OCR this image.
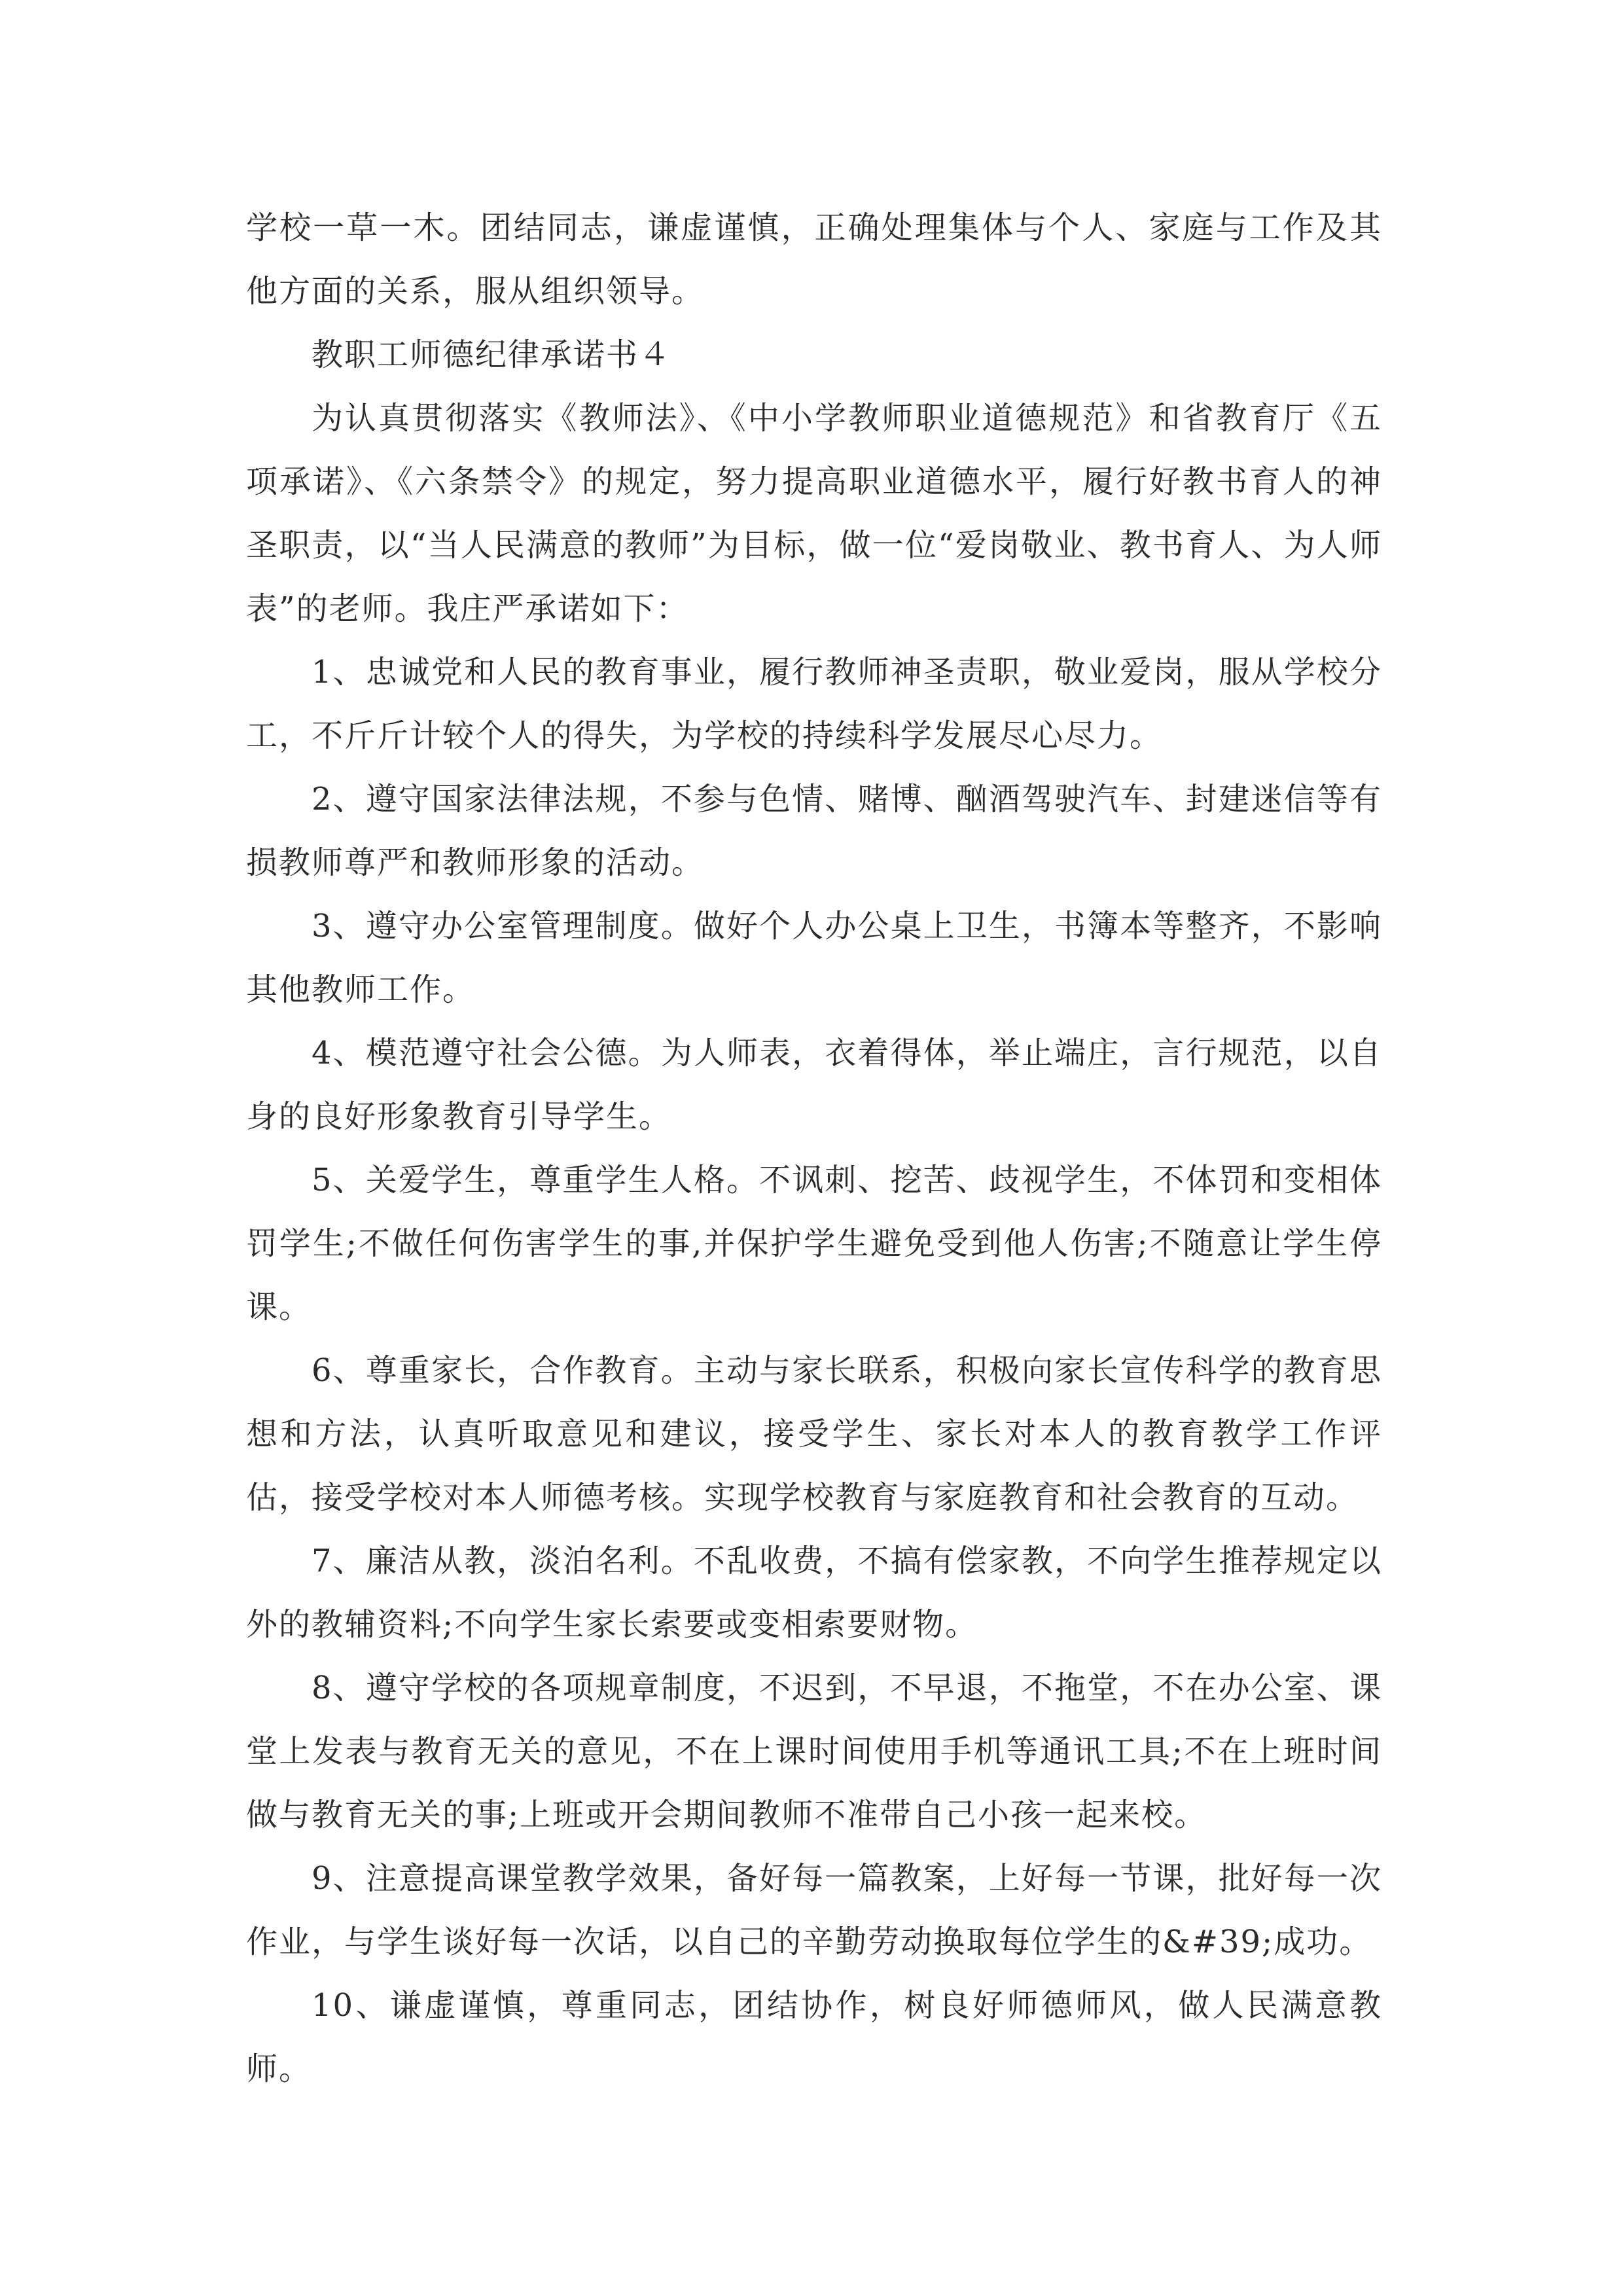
学校一草一木。团结同志，谦虚谨慎，正确处理集体与个人、家庭与工作及其他方面的关系，服从组织领导。

教职工师德纪律承诺书４

为认真贯彻落实《教师法》、《中小学教师职业道德规范》和省教育厅《五项承诺》、《六条禁令》的规定，努力提高职业道德水平，履行好教书育人的神圣职责，以“当人民满意的教师”为目标，做一位“爱岗敬业、教书育人、为人师表”的老师。我庄严承诺如下：

1、忠诚党和人民的教育事业，履行教师神圣责职，敬业爱岗，服从学校分工，不斤斤计较个人的得失，为学校的持续科学发展尽心尽力。

2、遵守国家法律法规，不参与色情、赌博、酗酒驾驶汽车、封建迷信等有损教师尊严和教师形象的活动。

3、遵守办公室管理制度。做好个人办公桌上卫生，书簿本等整齐，不影响其他教师工作。

4、模范遵守社会公德。为人师表，衣着得体，举止端庄，言行规范，以自身的良好形象教育引导学生。

5、关爱学生，尊重学生人格。不讽刺、挖苦、歧视学生，不体罚和变相体罚学生;不做任何伤害学生的事,并保护学生避免受到他人伤害;不随意让学生停课。

6、尊重家长，合作教育。主动与家长联系，积极向家长宣传科学的教育思想和方法，认真听取意见和建议，接受学生、家长对本人的教育教学工作评估，接受学校对本人师德考核。实现学校教育与家庭教育和社会教育的互动。

7、廉洁从教，淡泊名利。不乱收费，不搞有偿家教，不向学生推荐规定以外的教辅资料;不向学生家长索要或变相索要财物。

8、遵守学校的各项规章制度，不迟到，不早退，不拖堂，不在办公室、课堂上发表与教育无关的意见，不在上课时间使用手机等通讯工具;不在上班时间做与教育无关的事;上班或开会期间教师不准带自己小孩一起来校。

9、注意提高课堂教学效果，备好每一篇教案，上好每一节课，批好每一次作业，与学生谈好每一次话，以自己的辛勤劳动换取每位学生的&#39;成功。

10、谦虚谨慎，尊重同志，团结协作，树良好师德师风，做人民满意教师。
